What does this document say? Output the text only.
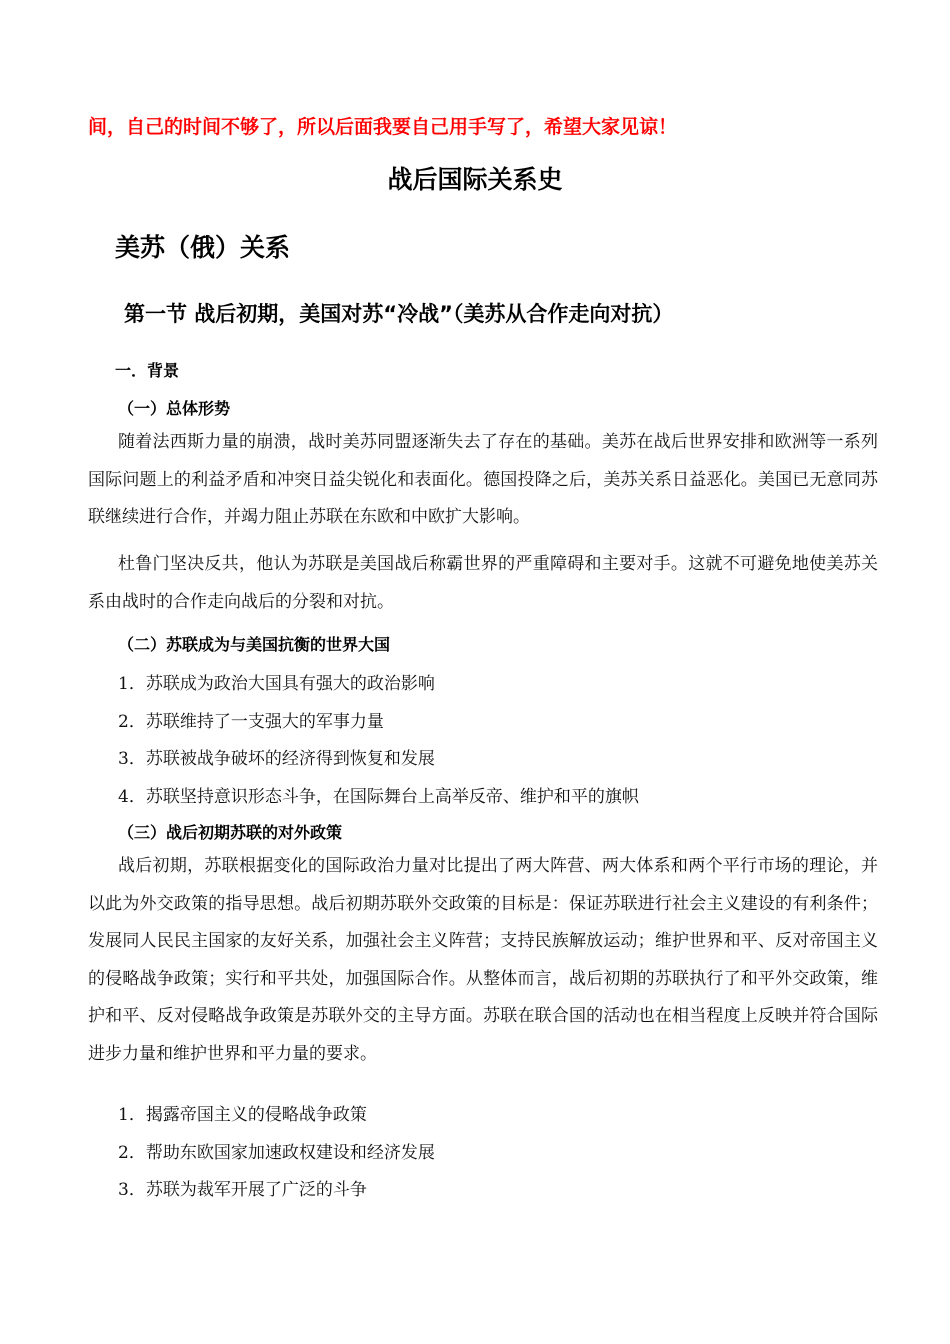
间，自己的时间不够了，所以后面我要自己用手写了，希望大家见谅！
战后国际关系史
美苏（俄）关系
第一节 战后初期，美国对苏“冷战”（美苏从合作走向对抗）
一．背景
（一）总体形势
随着法西斯力量的崩溃，战时美苏同盟逐渐失去了存在的基础。美苏在战后世界安排和欧洲等一系列国际问题上的利益矛盾和冲突日益尖锐化和表面化。德国投降之后，美苏关系日益恶化。美国已无意同苏联继续进行合作，并竭力阻止苏联在东欧和中欧扩大影响。
杜鲁门坚决反共，他认为苏联是美国战后称霸世界的严重障碍和主要对手。这就不可避免地使美苏关系由战时的合作走向战后的分裂和对抗。
（二）苏联成为与美国抗衡的世界大国
1．苏联成为政治大国具有强大的政治影响
2．苏联维持了一支强大的军事力量
3．苏联被战争破坏的经济得到恢复和发展
4．苏联坚持意识形态斗争，在国际舞台上高举反帝、维护和平的旗帜
（三）战后初期苏联的对外政策
战后初期，苏联根据变化的国际政治力量对比提出了两大阵营、两大体系和两个平行市场的理论，并以此为外交政策的指导思想。战后初期苏联外交政策的目标是：保证苏联进行社会主义建设的有利条件；发展同人民民主国家的友好关系，加强社会主义阵营；支持民族解放运动；维护世界和平、反对帝国主义的侵略战争政策；实行和平共处，加强国际合作。从整体而言，战后初期的苏联执行了和平外交政策，维护和平、反对侵略战争政策是苏联外交的主导方面。苏联在联合国的活动也在相当程度上反映并符合国际进步力量和维护世界和平力量的要求。
1．揭露帝国主义的侵略战争政策
2．帮助东欧国家加速政权建设和经济发展
3．苏联为裁军开展了广泛的斗争
